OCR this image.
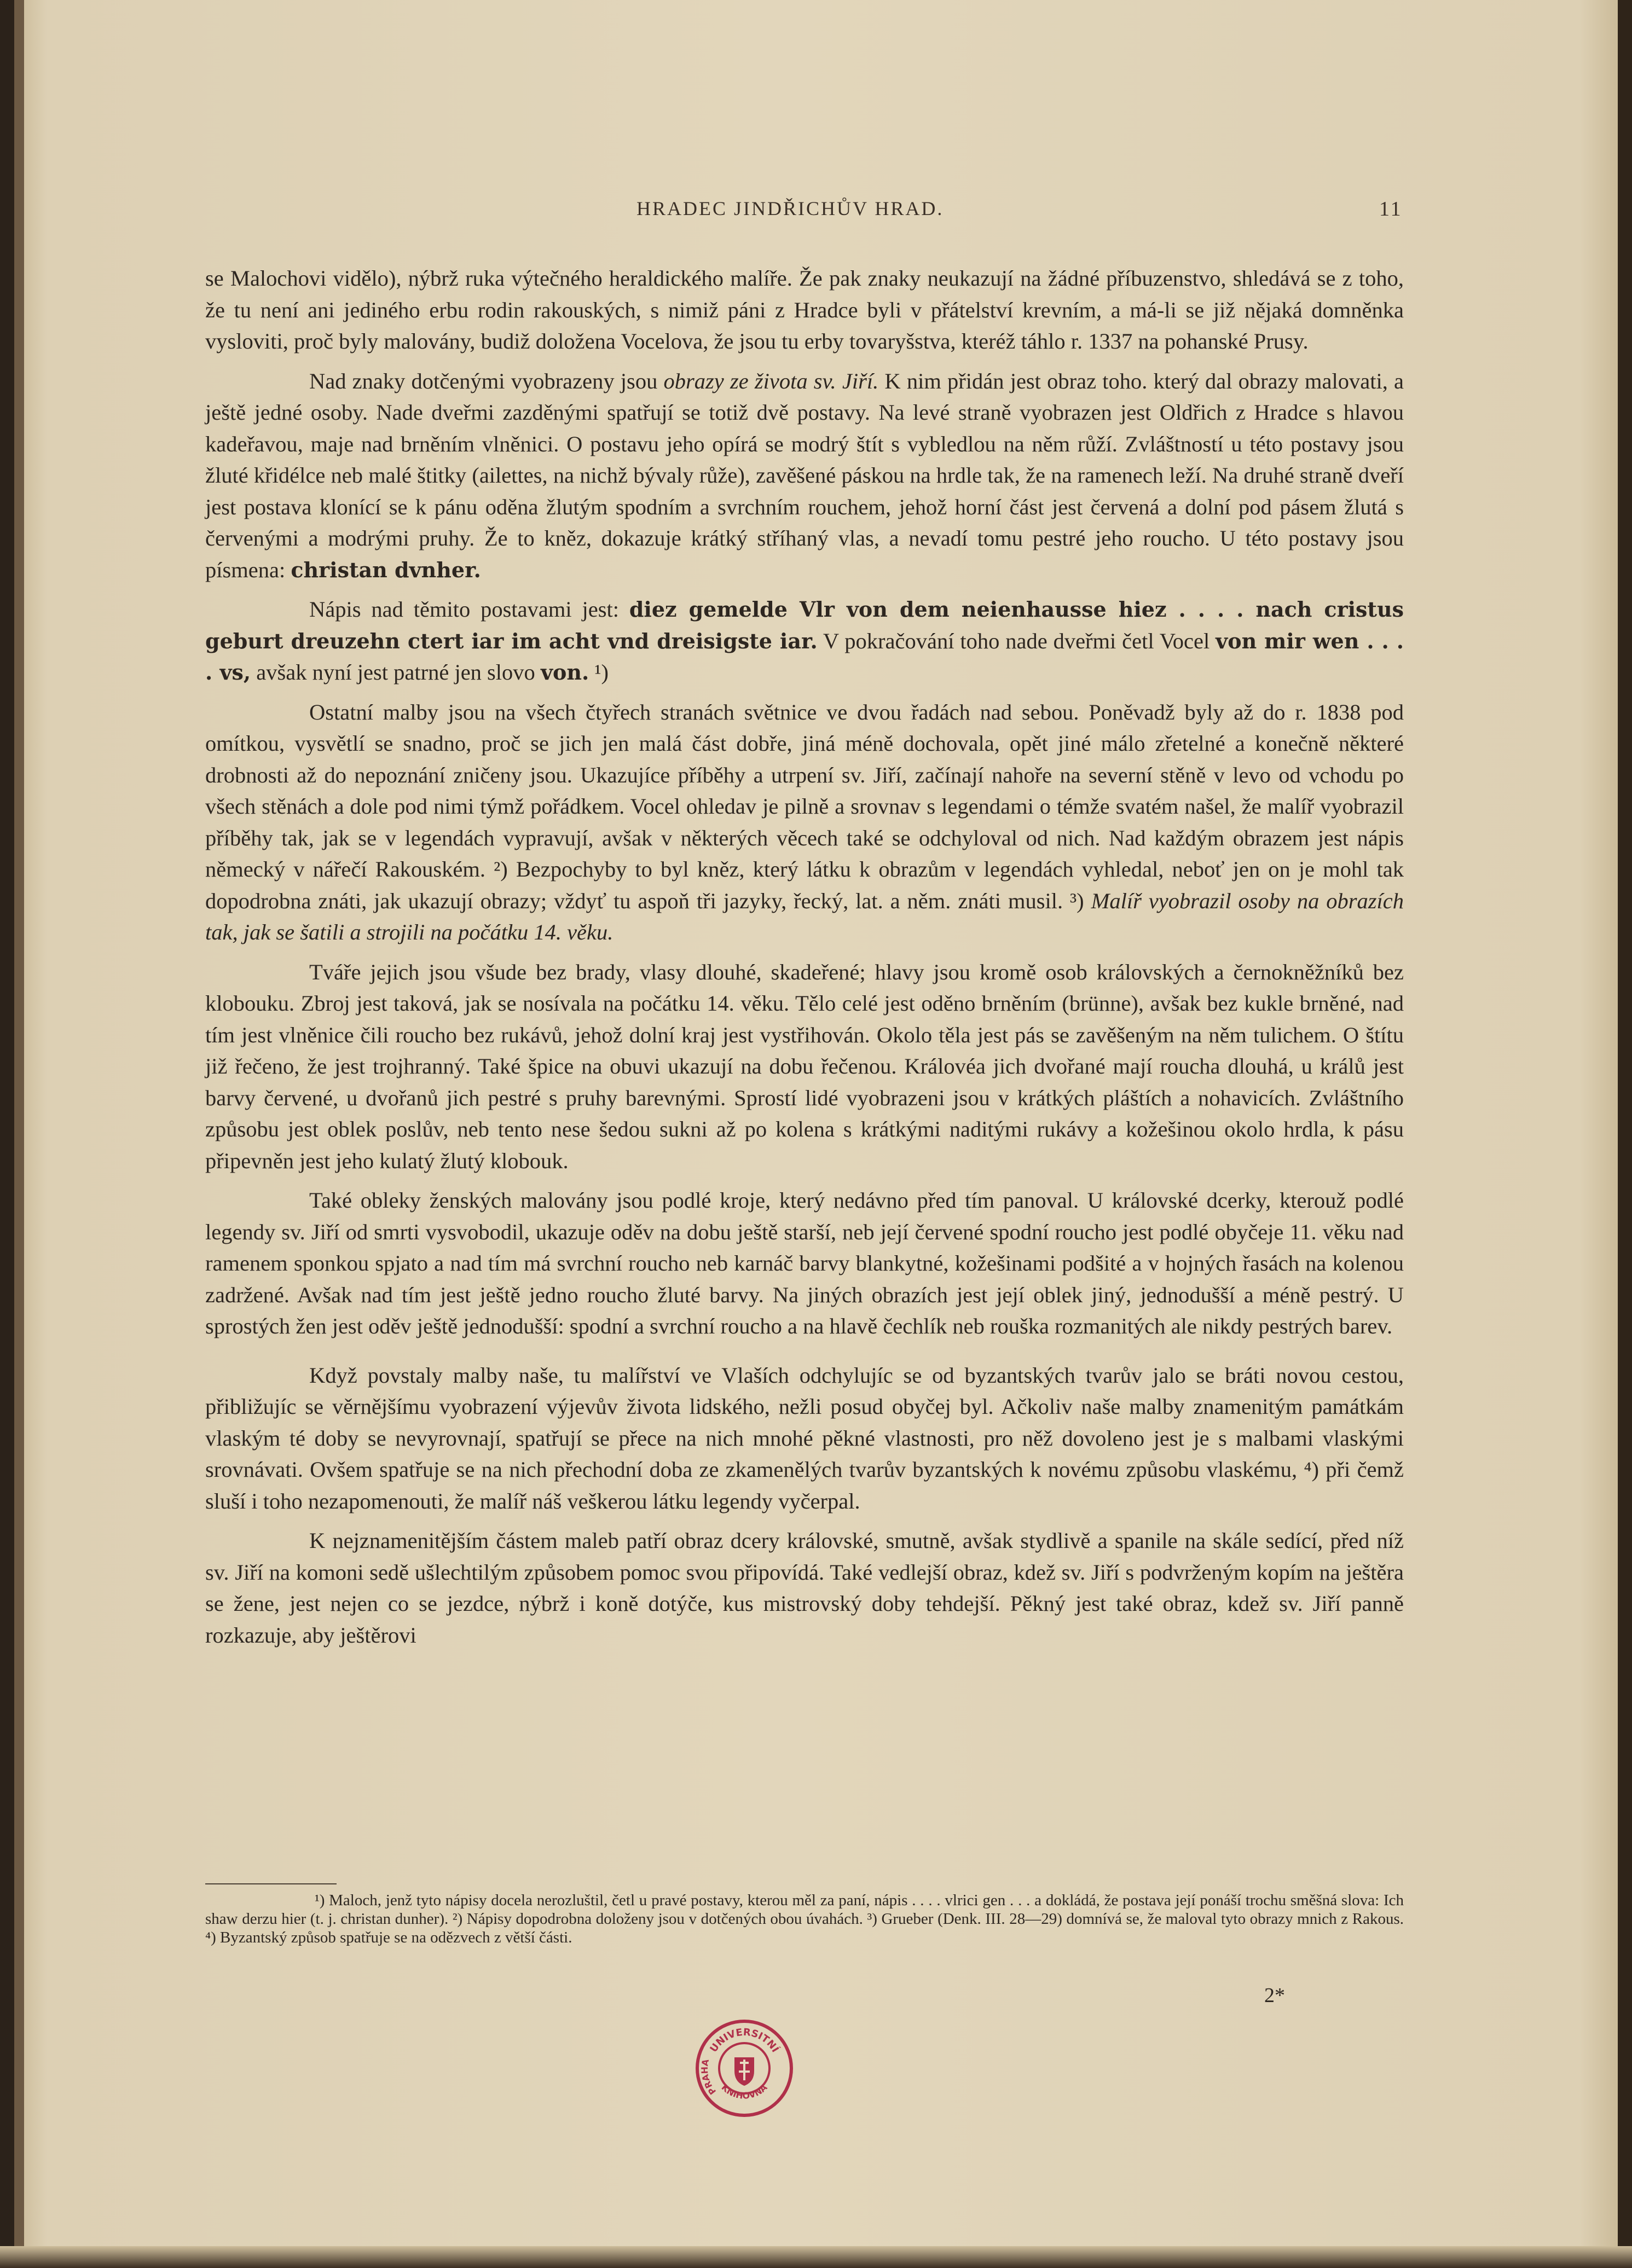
HRADEC JINDŘICHŮV HRAD.	11

se Malochovi vidělo), nýbrž ruka výtečného heraldického malíře. Že pak znaky neukazují na žádné příbuzenstvo, shledává se z toho, že tu není ani jediného erbu rodin rakouských, s nimiž páni z Hradce byli v přátelství krevním, a má-li se již nějaká domněnka vysloviti, proč byly malovány, budiž doložena Vocelova, že jsou tu erby tovaryšstva, kteréž táhlo r. 1337 na pohanské Prusy.

Nad znaky dotčenými vyobrazeny jsou obrazy ze života sv. Jiří. K nim přidán jest obraz toho. který dal obrazy malovati, a ještě jedné osoby. Nade dveřmi zazděnými spatřují se totiž dvě postavy. Na levé straně vyobrazen jest Oldřich z Hradce s hlavou kadeřavou, maje nad brněním vlněnici. O postavu jeho opírá se modrý štít s vybledlou na něm růží. Zvláštností u této postavy jsou žluté křidélce neb malé štitky (ailettes, na nichž bývaly růže), zavěšené páskou na hrdle tak, že na ramenech leží. Na druhé straně dveří jest postava klonící se k pánu oděna žlutým spodním a svrchním rouchem, jehož horní část jest červená a dolní pod pásem žlutá s červenými a modrými pruhy. Že to kněz, dokazuje krátký stříhaný vlas, a nevadí tomu pestré jeho roucho. U této postavy jsou písmena: christan dvnher.

Nápis nad těmito postavami jest: diez gemelde Vlr von dem neienhausse hiez . . . . nach cristus geburt dreuzehn ctert iar im acht vnd dreisigste iar. V pokračování toho nade dveřmi četl Vocel von mir wen . . . . vs, avšak nyní jest patrné jen slovo von. ¹)

Ostatní malby jsou na všech čtyřech stranách světnice ve dvou řadách nad sebou. Poněvadž byly až do r. 1838 pod omítkou, vysvětlí se snadno, proč se jich jen malá část dobře, jiná méně dochovala, opět jiné málo zřetelné a konečně některé drobnosti až do nepoznání zničeny jsou. Ukazujíce příběhy a utrpení sv. Jiří, začínají nahoře na severní stěně v levo od vchodu po všech stěnách a dole pod nimi týmž pořádkem. Vocel ohledav je pilně a srovnav s legendami o témže svatém našel, že malíř vyobrazil příběhy tak, jak se v legendách vypravují, avšak v některých věcech také se odchyloval od nich. Nad každým obrazem jest nápis německý v nářečí Rakouském. ²) Bezpochyby to byl kněz, který látku k obrazům v legendách vyhledal, neboť jen on je mohl tak dopodrobna znáti, jak ukazují obrazy; vždyť tu aspoň tři jazyky, řecký, lat. a něm. znáti musil. ³) Malíř vyobrazil osoby na obrazích tak, jak se šatili a strojili na počátku 14. věku.

Tváře jejich jsou všude bez brady, vlasy dlouhé, skadeřené; hlavy jsou kromě osob královských a černokněžníků bez klobouku. Zbroj jest taková, jak se nosívala na počátku 14. věku. Tělo celé jest oděno brněním (brünne), avšak bez kukle brněné, nad tím jest vlněnice čili roucho bez rukávů, jehož dolní kraj jest vystřihován. Okolo těla jest pás se zavěšeným na něm tulichem. O štítu již řečeno, že jest trojhranný. Také špice na obuvi ukazují na dobu řečenou. Královéa jich dvořané mají roucha dlouhá, u králů jest barvy červené, u dvořanů jich pestré s pruhy barevnými. Sprostí lidé vyobrazeni jsou v krátkých pláštích a nohavicích. Zvláštního způsobu jest oblek poslův, neb tento nese šedou sukni až po kolena s krátkými naditými rukávy a kožešinou okolo hrdla, k pásu připevněn jest jeho kulatý žlutý klobouk.

Také obleky ženských malovány jsou podlé kroje, který nedávno před tím panoval. U královské dcerky, kterouž podlé legendy sv. Jiří od smrti vysvobodil, ukazuje oděv na dobu ještě starší, neb její červené spodní roucho jest podlé obyčeje 11. věku nad ramenem sponkou spjato a nad tím má svrchní roucho neb karnáč barvy blankytné, kožešinami podšité a v hojných řasách na kolenou zadržené. Avšak nad tím jest ještě jedno roucho žluté barvy. Na jiných obrazích jest její oblek jiný, jednodušší a méně pestrý. U sprostých žen jest oděv ještě jednodušší: spodní a svrchní roucho a na hlavě čechlík neb rouška rozmanitých ale nikdy pestrých barev.

Když povstaly malby naše, tu malířství ve Vlaších odchylujíc se od byzantských tvarův jalo se bráti novou cestou, přibližujíc se věrnějšímu vyobrazení výjevův života lidského, nežli posud obyčej byl. Ačkoliv naše malby znamenitým památkám vlaským té doby se nevyrovnají, spatřují se přece na nich mnohé pěkné vlastnosti, pro něž dovoleno jest je s malbami vlaskými srovnávati. Ovšem spatřuje se na nich přechodní doba ze zkamenělých tvarův byzantských k novému způsobu vlaskému, ⁴) při čemž sluší i toho nezapomenouti, že malíř náš veškerou látku legendy vyčerpal.

K nejznamenitějším částem maleb patří obraz dcery královské, smutně, avšak stydlivě a spanile na skále sedící, před níž sv. Jiří na komoni sedě ušlechtilým způsobem pomoc svou připovídá. Také vedlejší obraz, kdež sv. Jiří s podvrženým kopím na ještěra se žene, jest nejen co se jezdce, nýbrž i koně dotýče, kus mistrovský doby tehdejší. Pěkný jest také obraz, kdež sv. Jiří panně rozkazuje, aby ještěrovi

¹) Maloch, jenž tyto nápisy docela nerozluštil, četl u pravé postavy, kterou měl za paní, nápis . . . . vlrici gen . . . a dokládá, že postava její ponáší trochu směšná slova: Ich shaw derzu hier (t. j. christan dunher). ²) Nápisy dopodrobna doloženy jsou v dotčených obou úvahách. ³) Grueber (Denk. III. 28—29) domnívá se, že maloval tyto obrazy mnich z Rakous. ⁴) Byzantský způsob spatřuje se na odězvech z větší části.

2*
UNIVERSITNÍ
PRAHA
KNIHOVNA
